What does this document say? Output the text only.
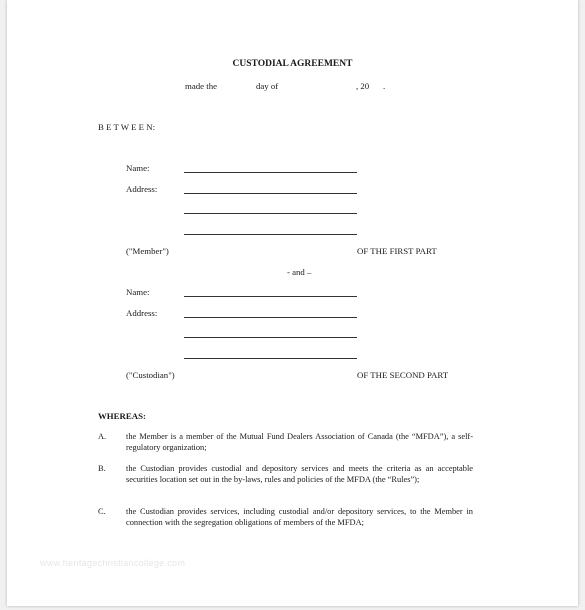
CUSTODIAL AGREEMENT
made the	day of	, 20 .
B E T W E E N:
Name:
Address:
("Member")	OF THE FIRST PART
- and –
Name:
Address:
("Custodian")	OF THE SECOND PART
WHEREAS:
A. the Member is a member of the Mutual Fund Dealers Association of Canada (the “MFDA”), a self-regulatory organization;
B. the Custodian provides custodial and depository services and meets the criteria as an acceptable securities location set out in the by-laws, rules and policies of the MFDA (the “Rules”);
C. the Custodian provides services, including custodial and/or depository services, to the Member in connection with the segregation obligations of members of the MFDA;
www.heritagechristiancollege.com
